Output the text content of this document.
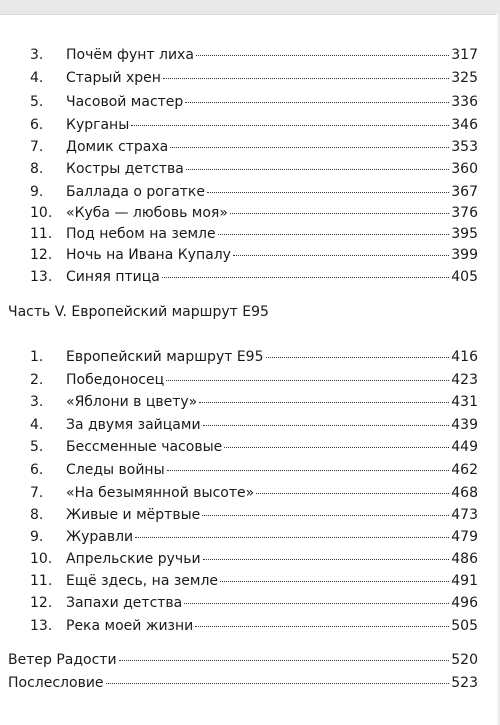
3.	Почём фунт лиха	317
4.	Старый хрен	325
5.	Часовой мастер	336
6.	Курганы	346
7.	Домик страха	353
8.	Костры детства	360
9.	Баллада о рогатке	367
10. «Куба — любовь моя»	376
11. Под небом на земле	395
12. Ночь на Ивана Купалу	399
13. Синяя птица	405
Часть V. Европейский маршрут Е95
1.	Европейский маршрут Е95	416
2.	Победоносец	423
3.	«Яблони в цвету»	431
4.	За двумя зайцами	439
5.	Бессменные часовые	449
6.	Следы войны	462
7.	«На безымянной высоте»	468
8.	Живые и мёртвые	473
9.	Журавли	479
10. Апрельские ручьи	486
11. Ещё здесь, на земле	491
12. Запахи детства	496
13. Река моей жизни	505
Ветер Радости	520
Послесловие	523
